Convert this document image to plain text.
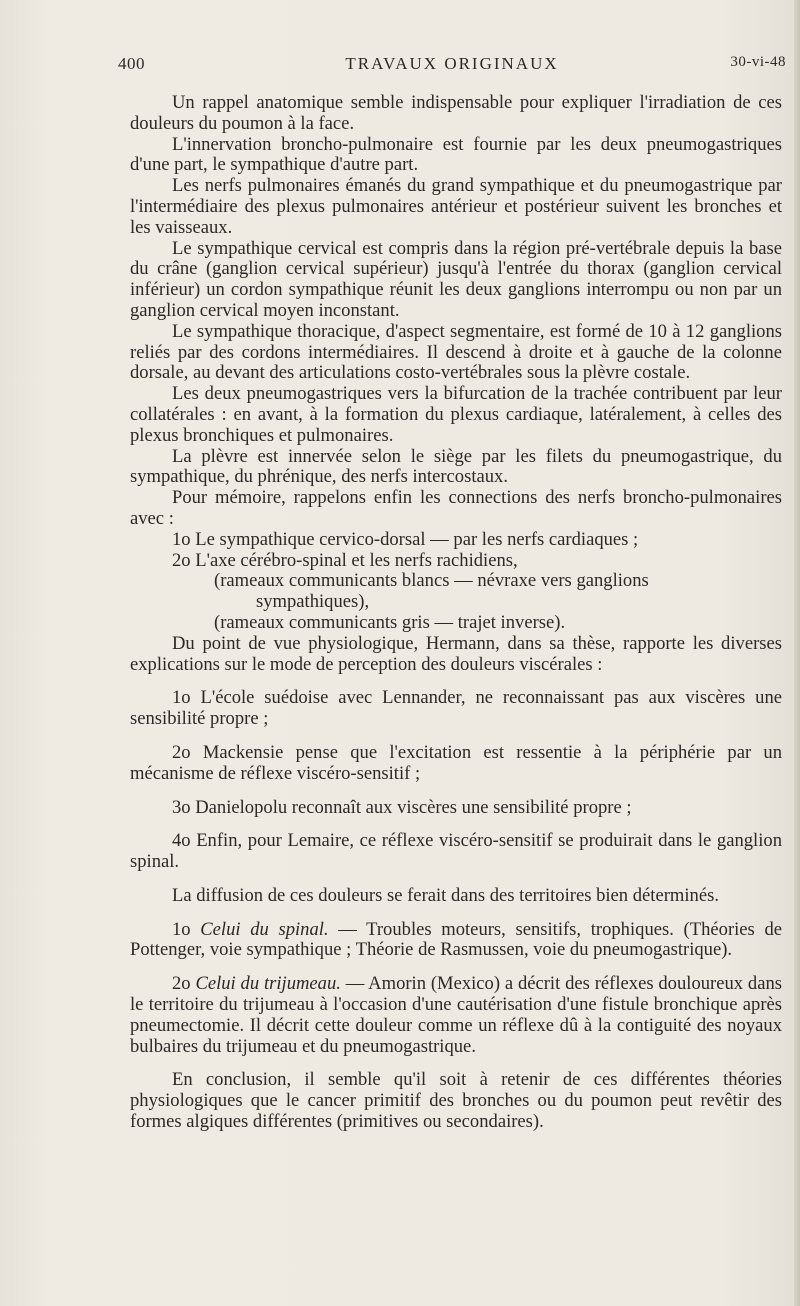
400	TRAVAUX ORIGINAUX	30-vi-48

Un rappel anatomique semble indispensable pour expliquer l'irradiation de ces douleurs du poumon à la face.

L'innervation broncho-pulmonaire est fournie par les deux pneumogastriques d'une part, le sympathique d'autre part.

Les nerfs pulmonaires émanés du grand sympathique et du pneumogastrique par l'intermédiaire des plexus pulmonaires antérieur et postérieur suivent les bronches et les vaisseaux.

Le sympathique cervical est compris dans la région pré-vertébrale depuis la base du crâne (ganglion cervical supérieur) jusqu'à l'entrée du thorax (ganglion cervical inférieur) un cordon sympathique réunit les deux ganglions interrompu ou non par un ganglion cervical moyen inconstant.

Le sympathique thoracique, d'aspect segmentaire, est formé de 10 à 12 ganglions reliés par des cordons intermédiaires. Il descend à droite et à gauche de la colonne dorsale, au devant des articulations costo-vertébrales sous la plèvre costale.

Les deux pneumogastriques vers la bifurcation de la trachée contribuent par leur collatérales : en avant, à la formation du plexus cardiaque, latéralement, à celles des plexus bronchiques et pulmonaires.

La plèvre est innervée selon le siège par les filets du pneumogastrique, du sympathique, du phrénique, des nerfs intercostaux.

Pour mémoire, rappelons enfin les connections des nerfs broncho-pulmonaires avec :

1o Le sympathique cervico-dorsal — par les nerfs cardiaques ;

2o L'axe cérébro-spinal et les nerfs rachidiens,

(rameaux communicants blancs — névraxe vers ganglions

sympathiques),

(rameaux communicants gris — trajet inverse).

Du point de vue physiologique, Hermann, dans sa thèse, rapporte les diverses explications sur le mode de perception des douleurs viscérales :

1o L'école suédoise avec Lennander, ne reconnaissant pas aux viscères une sensibilité propre ;

2o Mackensie pense que l'excitation est ressentie à la périphérie par un mécanisme de réflexe viscéro-sensitif ;

3o Danielopolu reconnaît aux viscères une sensibilité propre ;

4o Enfin, pour Lemaire, ce réflexe viscéro-sensitif se produirait dans le ganglion spinal.

La diffusion de ces douleurs se ferait dans des territoires bien déterminés.

1o Celui du spinal. — Troubles moteurs, sensitifs, trophiques. (Théories de Pottenger, voie sympathique ; Théorie de Rasmussen, voie du pneumogastrique).

2o Celui du trijumeau. — Amorin (Mexico) a décrit des réflexes douloureux dans le territoire du trijumeau à l'occasion d'une cautérisation d'une fistule bronchique après pneumectomie. Il décrit cette douleur comme un réflexe dû à la contiguité des noyaux bulbaires du trijumeau et du pneumogastrique.

En conclusion, il semble qu'il soit à retenir de ces différentes théories physiologiques que le cancer primitif des bronches ou du poumon peut revêtir des formes algiques différentes (primitives ou secondaires).
